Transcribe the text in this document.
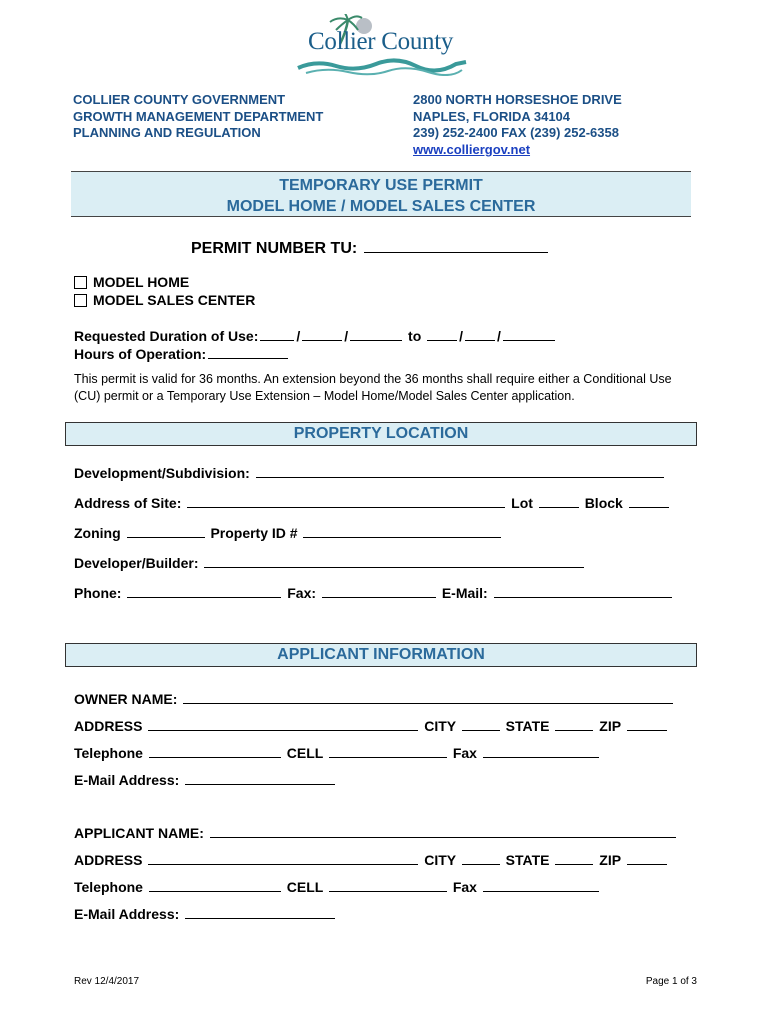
Collier County
COLLIER COUNTY GOVERNMENT
GROWTH MANAGEMENT DEPARTMENT
PLANNING AND REGULATION
2800 NORTH HORSESHOE DRIVE
NAPLES, FLORIDA 34104
239) 252-2400 FAX (239) 252-6358
www.colliergov.net
TEMPORARY USE PERMIT
MODEL HOME / MODEL SALES CENTER
PERMIT NUMBER TU:
MODEL HOME
MODEL SALES CENTER
Requested Duration of Use:	/	/	to	/ /
Hours of Operation:
This permit is valid for 36 months. An extension beyond the 36 months shall require either a Conditional Use (CU) permit or a Temporary Use Extension – Model Home/Model Sales Center application.
PROPERTY LOCATION
Development/Subdivision:
Address of Site:	Lot	Block
Zoning	Property ID #
Developer/Builder:
Phone:	Fax:	E-Mail:
APPLICANT INFORMATION
OWNER NAME:
ADDRESS	CITY	STATE	ZIP
Telephone	CELL	Fax
E-Mail Address:
APPLICANT NAME:
ADDRESS	CITY	STATE	ZIP
Telephone	CELL	Fax
E-Mail Address:
Rev 12/4/2017	Page 1 of 3
